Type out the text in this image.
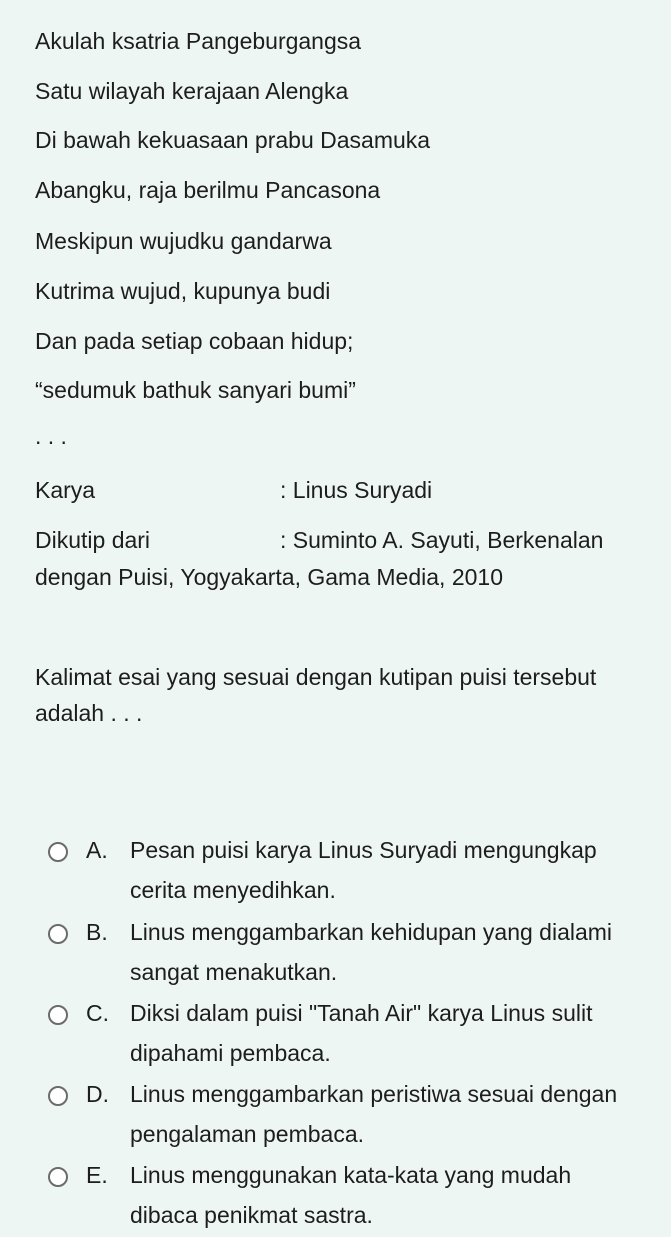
Akulah ksatria Pangeburgangsa
Satu wilayah kerajaan Alengka
Di bawah kekuasaan prabu Dasamuka
Abangku, raja berilmu Pancasona
Meskipun wujudku gandarwa
Kutrima wujud, kupunya budi
Dan pada setiap cobaan hidup;
“sedumuk bathuk sanyari bumi”
. . .
Karya	: Linus Suryadi
Dikutip dari	: Suminto A. Sayuti, Berkenalan
dengan Puisi, Yogyakarta, Gama Media, 2010
Kalimat esai yang sesuai dengan kutipan puisi tersebut adalah . . .
A. Pesan puisi karya Linus Suryadi mengungkap cerita menyedihkan.
B. Linus menggambarkan kehidupan yang dialami sangat menakutkan.
C. Diksi dalam puisi "Tanah Air" karya Linus sulit dipahami pembaca.
D. Linus menggambarkan peristiwa sesuai dengan pengalaman pembaca.
E. Linus menggunakan kata-kata yang mudah dibaca penikmat sastra.
